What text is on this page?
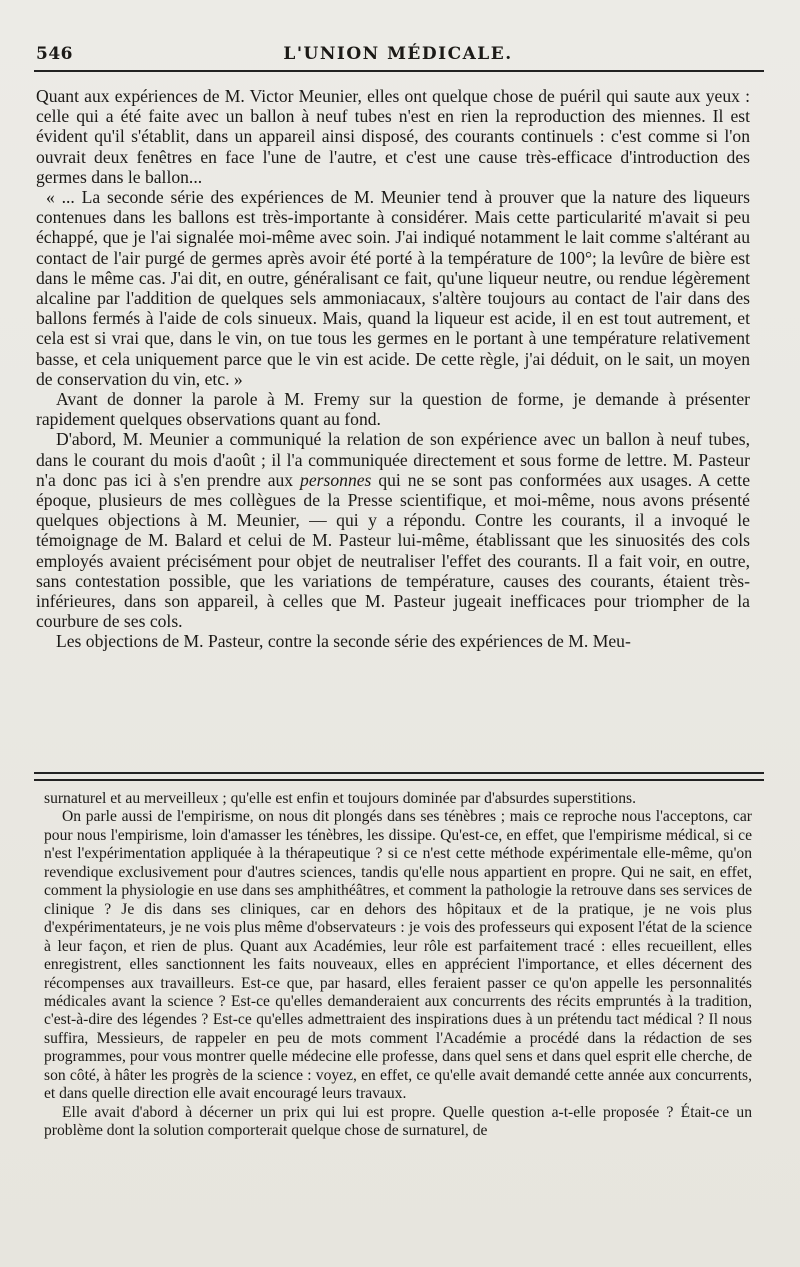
546	L'UNION MÉDICALE.

Quant aux expériences de M. Victor Meunier, elles ont quelque chose de puéril qui saute aux yeux : celle qui a été faite avec un ballon à neuf tubes n'est en rien la reproduction des miennes. Il est évident qu'il s'établit, dans un appareil ainsi disposé, des courants continuels : c'est comme si l'on ouvrait deux fenêtres en face l'une de l'autre, et c'est une cause très-efficace d'introduction des germes dans le ballon...

« ... La seconde série des expériences de M. Meunier tend à prouver que la nature des liqueurs contenues dans les ballons est très-importante à considérer. Mais cette particularité m'avait si peu échappé, que je l'ai signalée moi-même avec soin. J'ai indiqué notamment le lait comme s'altérant au contact de l'air purgé de germes après avoir été porté à la température de 100°; la levûre de bière est dans le même cas. J'ai dit, en outre, généralisant ce fait, qu'une liqueur neutre, ou rendue légèrement alcaline par l'addition de quelques sels ammoniacaux, s'altère toujours au contact de l'air dans des ballons fermés à l'aide de cols sinueux. Mais, quand la liqueur est acide, il en est tout autrement, et cela est si vrai que, dans le vin, on tue tous les germes en le portant à une température relativement basse, et cela uniquement parce que le vin est acide. De cette règle, j'ai déduit, on le sait, un moyen de conservation du vin, etc. »

Avant de donner la parole à M. Fremy sur la question de forme, je demande à présenter rapidement quelques observations quant au fond.

D'abord, M. Meunier a communiqué la relation de son expérience avec un ballon à neuf tubes, dans le courant du mois d'août ; il l'a communiquée directement et sous forme de lettre. M. Pasteur n'a donc pas ici à s'en prendre aux personnes qui ne se sont pas conformées aux usages. A cette époque, plusieurs de mes collègues de la Presse scientifique, et moi-même, nous avons présenté quelques objections à M. Meunier, — qui y a répondu. Contre les courants, il a invoqué le témoignage de M. Balard et celui de M. Pasteur lui-même, établissant que les sinuosités des cols employés avaient précisément pour objet de neutraliser l'effet des courants. Il a fait voir, en outre, sans contestation possible, que les variations de température, causes des courants, étaient très-inférieures, dans son appareil, à celles que M. Pasteur jugeait inefficaces pour triompher de la courbure de ses cols.

Les objections de M. Pasteur, contre la seconde série des expériences de M. Meu-

surnaturel et au merveilleux ; qu'elle est enfin et toujours dominée par d'absurdes superstitions.

On parle aussi de l'empirisme, on nous dit plongés dans ses ténèbres ; mais ce reproche nous l'acceptons, car pour nous l'empirisme, loin d'amasser les ténèbres, les dissipe. Qu'est-ce, en effet, que l'empirisme médical, si ce n'est l'expérimentation appliquée à la thérapeutique ? si ce n'est cette méthode expérimentale elle-même, qu'on revendique exclusivement pour d'autres sciences, tandis qu'elle nous appartient en propre. Qui ne sait, en effet, comment la physiologie en use dans ses amphithéâtres, et comment la pathologie la retrouve dans ses services de clinique ? Je dis dans ses cliniques, car en dehors des hôpitaux et de la pratique, je ne vois plus d'expérimentateurs, je ne vois plus même d'observateurs : je vois des professeurs qui exposent l'état de la science à leur façon, et rien de plus. Quant aux Académies, leur rôle est parfaitement tracé : elles recueillent, elles enregistrent, elles sanctionnent les faits nouveaux, elles en apprécient l'importance, et elles décernent des récompenses aux travailleurs. Est-ce que, par hasard, elles feraient passer ce qu'on appelle les personnalités médicales avant la science ? Est-ce qu'elles demanderaient aux concurrents des récits empruntés à la tradition, c'est-à-dire des légendes ? Est-ce qu'elles admettraient des inspirations dues à un prétendu tact médical ? Il nous suffira, Messieurs, de rappeler en peu de mots comment l'Académie a procédé dans la rédaction de ses programmes, pour vous montrer quelle médecine elle professe, dans quel sens et dans quel esprit elle cherche, de son côté, à hâter les progrès de la science : voyez, en effet, ce qu'elle avait demandé cette année aux concurrents, et dans quelle direction elle avait encouragé leurs travaux.

Elle avait d'abord à décerner un prix qui lui est propre. Quelle question a-t-elle proposée ? Était-ce un problème dont la solution comporterait quelque chose de surnaturel, de
